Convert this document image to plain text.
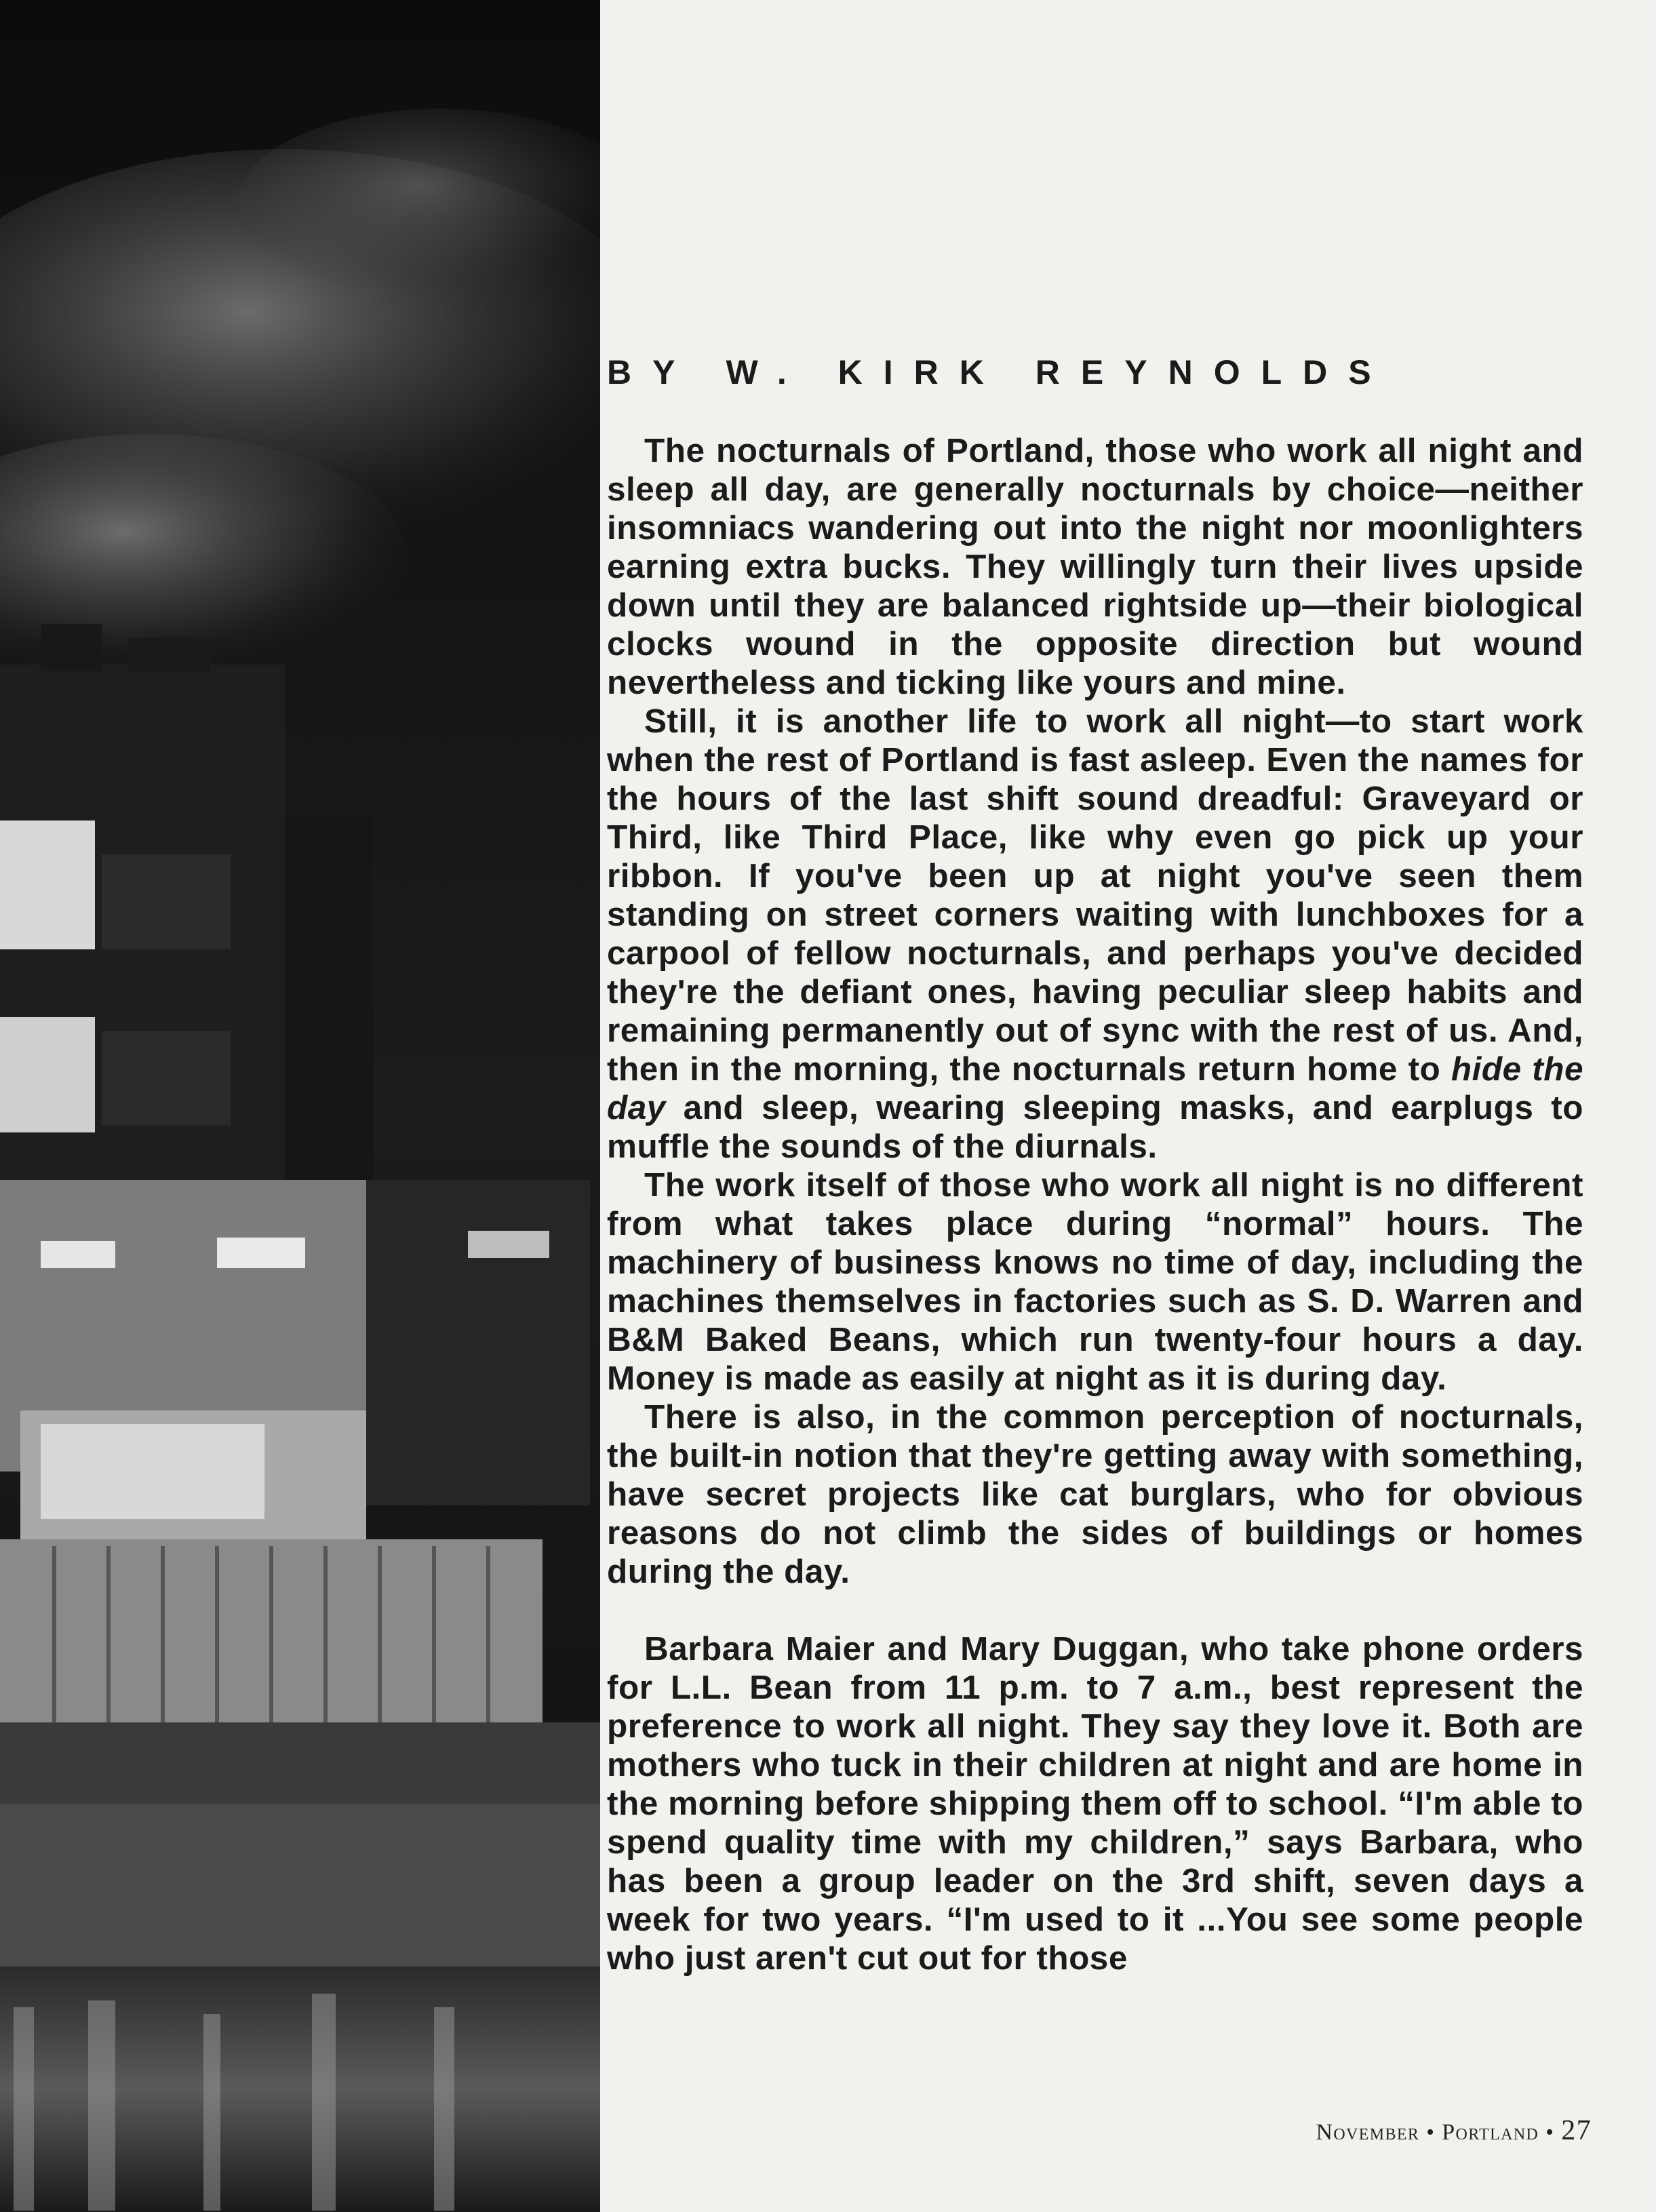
BY W. KIRK REYNOLDS

The nocturnals of Portland, those who work all night and sleep all day, are generally nocturnals by choice—neither insomniacs wandering out into the night nor moonlighters earning extra bucks. They willingly turn their lives upside down until they are balanced rightside up—their biological clocks wound in the opposite direction but wound nevertheless and ticking like yours and mine.

Still, it is another life to work all night—to start work when the rest of Portland is fast asleep. Even the names for the hours of the last shift sound dreadful: Graveyard or Third, like Third Place, like why even go pick up your ribbon. If you've been up at night you've seen them standing on street corners waiting with lunchboxes for a carpool of fellow nocturnals, and perhaps you've decided they're the defiant ones, having peculiar sleep habits and remaining permanently out of sync with the rest of us. And, then in the morning, the nocturnals return home to hide the day and sleep, wearing sleeping masks, and earplugs to muffle the sounds of the diurnals.

The work itself of those who work all night is no different from what takes place during “normal” hours. The machinery of business knows no time of day, including the machines themselves in factories such as S. D. Warren and B&M Baked Beans, which run twenty-four hours a day. Money is made as easily at night as it is during day.

There is also, in the common perception of nocturnals, the built-in notion that they're getting away with something, have secret projects like cat burglars, who for obvious reasons do not climb the sides of buildings or homes during the day.

Barbara Maier and Mary Duggan, who take phone orders for L.L. Bean from 11 p.m. to 7 a.m., best represent the preference to work all night. They say they love it. Both are mothers who tuck in their children at night and are home in the morning before shipping them off to school. “I'm able to spend quality time with my children,” says Barbara, who has been a group leader on the 3rd shift, seven days a week for two years. “I'm used to it ...You see some people who just aren't cut out for those

November • Portland • 27
